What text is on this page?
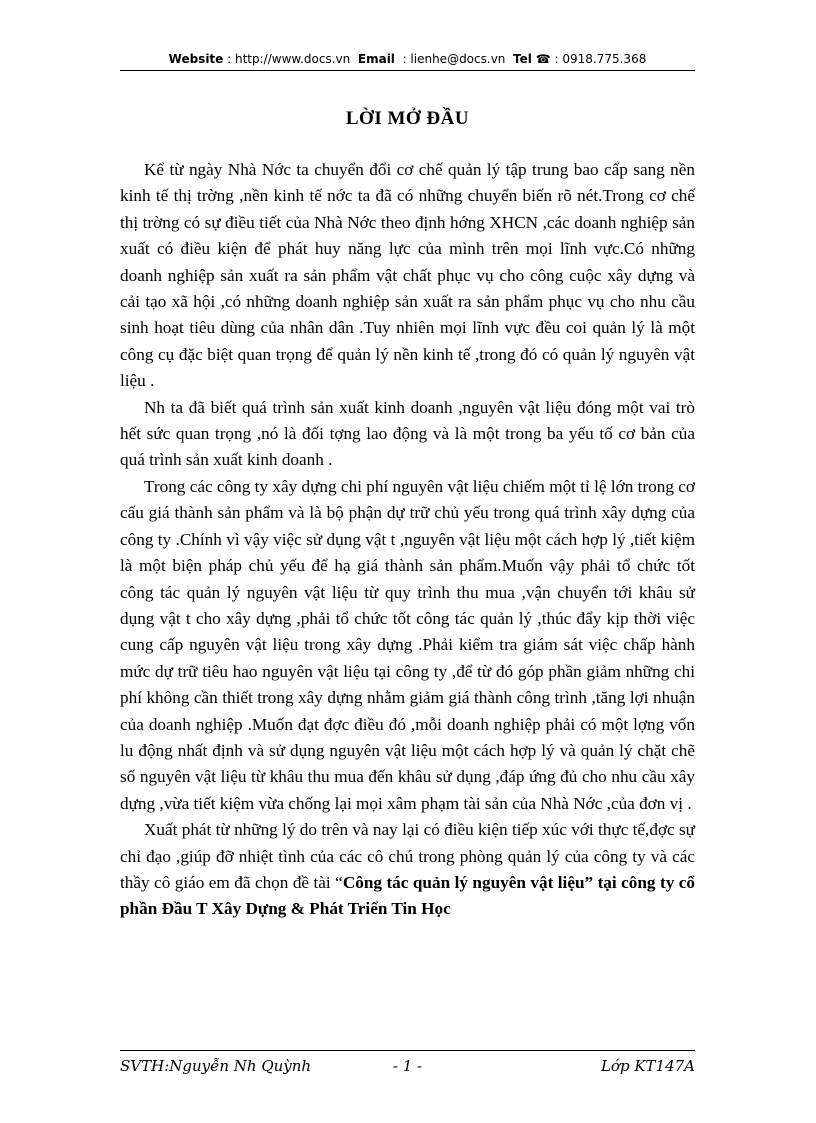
Website : http://www.docs.vn Email : lienhe@docs.vn Tel ☎ : 0918.775.368
LỜI MỞ ĐẦU

Kể từ ngày Nhà Nớc ta chuyển đổi cơ chế quản lý tập trung bao cấp sang nền kinh tế thị trờng ,nền kinh tế nớc ta đã có những chuyển biến rõ nét.Trong cơ chế thị trờng có sự điều tiết của Nhà Nớc theo định hớng XHCN ,các doanh nghiệp sản xuất có điều kiện để phát huy năng lực của mình trên mọi lĩnh vực.Có những doanh nghiệp sản xuất ra sản phẩm vật chất phục vụ cho công cuộc xây dựng và cải tạo xã hội ,có những doanh nghiệp sản xuất ra sản phẩm phục vụ cho nhu cầu sinh hoạt tiêu dùng của nhân dân .Tuy nhiên mọi lĩnh vực đều coi quản lý là một công cụ đặc biệt quan trọng để quản lý nền kinh tế ,trong đó có quản lý nguyên vật liệu .

Nh ta đã biết quá trình sản xuất kinh doanh ,nguyên vật liệu đóng một vai trò hết sức quan trọng ,nó là đối tợng lao động và là một trong ba yếu tố cơ bản của quá trình sản xuất kinh doanh .

Trong các công ty xây dựng chi phí nguyên vật liệu chiếm một tỉ lệ lớn trong cơ cấu giá thành sản phẩm và là bộ phận dự trữ chủ yếu trong quá trình xây dựng của công ty .Chính vì vậy việc sử dụng vật t ,nguyên vật liệu một cách hợp lý ,tiết kiệm là một biện pháp chủ yếu để hạ giá thành sản phẩm.Muốn vậy phải tổ chức tốt công tác quản lý nguyên vật liệu từ quy trình thu mua ,vận chuyển tới khâu sử dụng vật t cho xây dựng ,phải tổ chức tốt công tác quản lý ,thúc đẩy kịp thời việc cung cấp nguyên vật liệu trong xây dựng .Phải kiểm tra giám sát việc chấp hành mức dự trữ tiêu hao nguyên vật liệu tại công ty ,để từ đó góp phần giảm những chi phí không cần thiết trong xây dựng nhằm giảm giá thành công trình ,tăng lợi nhuận của doanh nghiệp .Muốn đạt đợc điều đó ,mỗi doanh nghiệp phải có một lợng vốn lu động nhất định và sử dụng nguyên vật liệu một cách hợp lý và quản lý chặt chẽ số nguyên vật liệu từ khâu thu mua đến khâu sử dụng ,đáp ứng đủ cho nhu cầu xây dựng ,vừa tiết kiệm vừa chống lại mọi xâm phạm tài sản của Nhà Nớc ,của đơn vị .

Xuất phát từ những lý do trên và nay lại có điều kiện tiếp xúc với thực tế,đợc sự chỉ đạo ,giúp đỡ nhiệt tình của các cô chú trong phòng quản lý của công ty và các thầy cô giáo em đã chọn đề tài “Công tác quản lý nguyên vật liệu” tại công ty cổ phần Đầu T Xây Dựng & Phát Triển Tin Học

SVTH:Nguyễn Nh Quỳnh	- 1 -	Lớp KT147A
